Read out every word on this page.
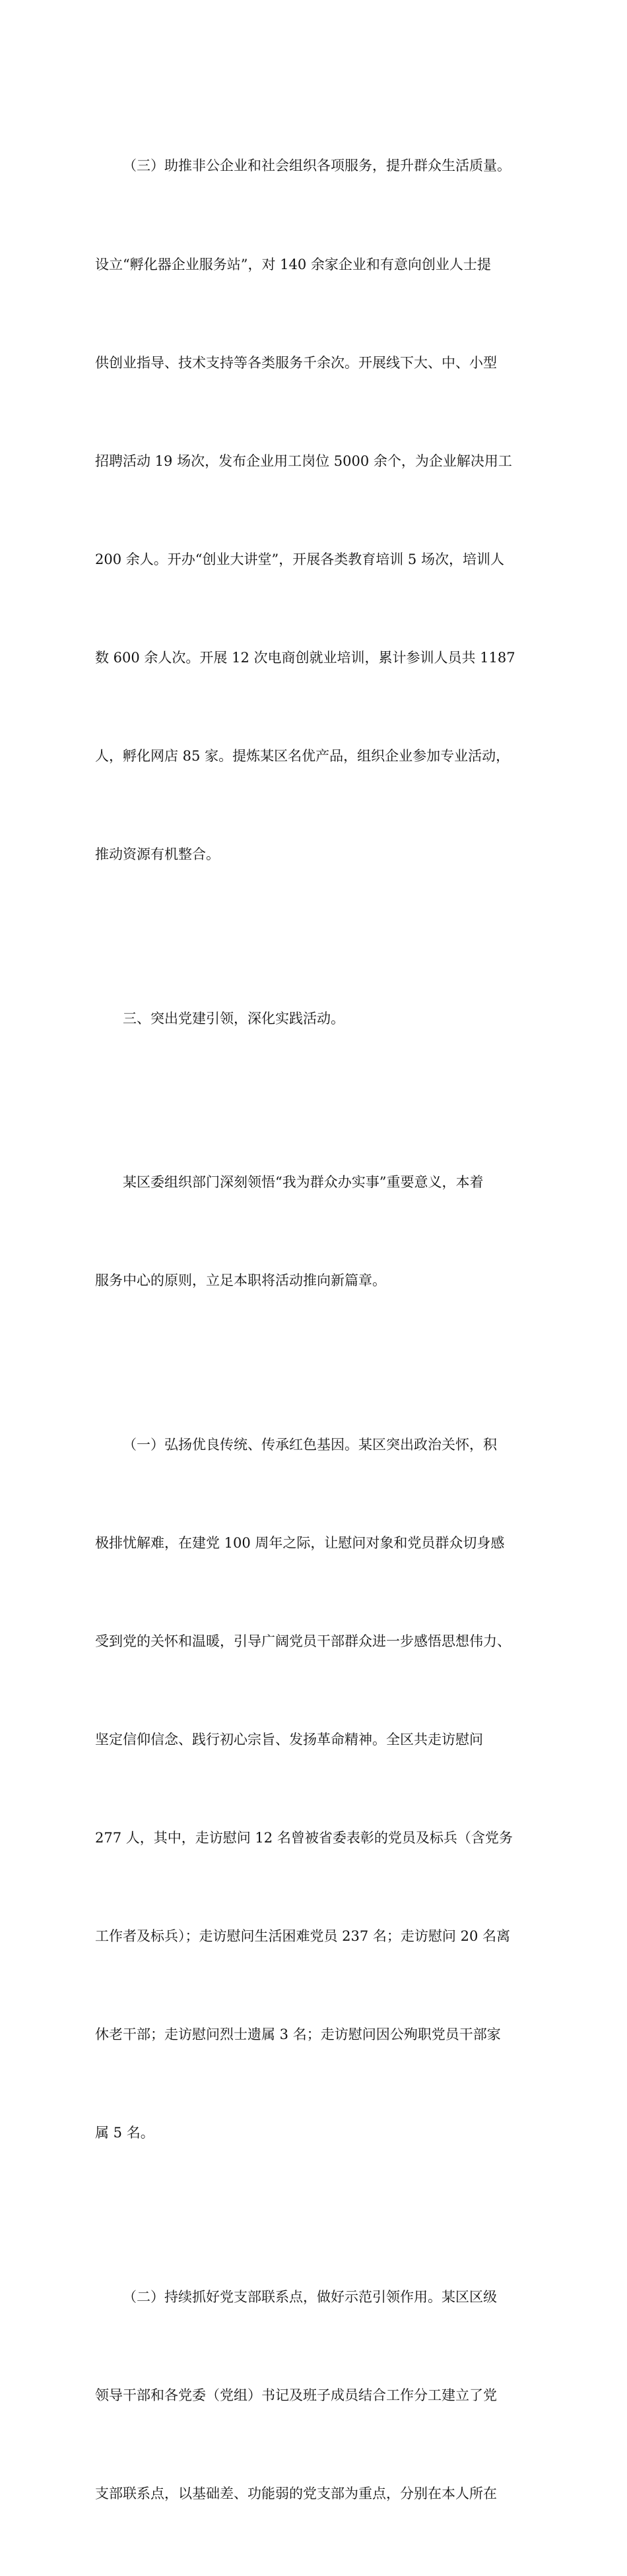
（三）助推非公企业和社会组织各项服务，提升群众生活质量。

设立“孵化器企业服务站”，对 140 余家企业和有意向创业人士提

供创业指导、技术支持等各类服务千余次。开展线下大、中、小型

招聘活动 19 场次，发布企业用工岗位 5000 余个，为企业解决用工

200 余人。开办“创业大讲堂”，开展各类教育培训 5 场次，培训人

数 600 余人次。开展 12 次电商创就业培训，累计参训人员共 1187

人，孵化网店 85 家。提炼某区名优产品，组织企业参加专业活动，

推动资源有机整合。

三、突出党建引领，深化实践活动。

某区委组织部门深刻领悟“我为群众办实事”重要意义，本着

服务中心的原则，立足本职将活动推向新篇章。

（一）弘扬优良传统、传承红色基因。某区突出政治关怀，积

极排忧解难，在建党 100 周年之际，让慰问对象和党员群众切身感

受到党的关怀和温暖，引导广阔党员干部群众进一步感悟思想伟力、

坚定信仰信念、践行初心宗旨、发扬革命精神。全区共走访慰问

277 人，其中，走访慰问 12 名曾被省委表彰的党员及标兵（含党务

工作者及标兵）；走访慰问生活困难党员 237 名；走访慰问 20 名离

休老干部；走访慰问烈士遗属 3 名；走访慰问因公殉职党员干部家

属 5 名。

（二）持续抓好党支部联系点，做好示范引领作用。某区区级

领导干部和各党委（党组）书记及班子成员结合工作分工建立了党

支部联系点，以基础差、功能弱的党支部为重点，分别在本人所在
